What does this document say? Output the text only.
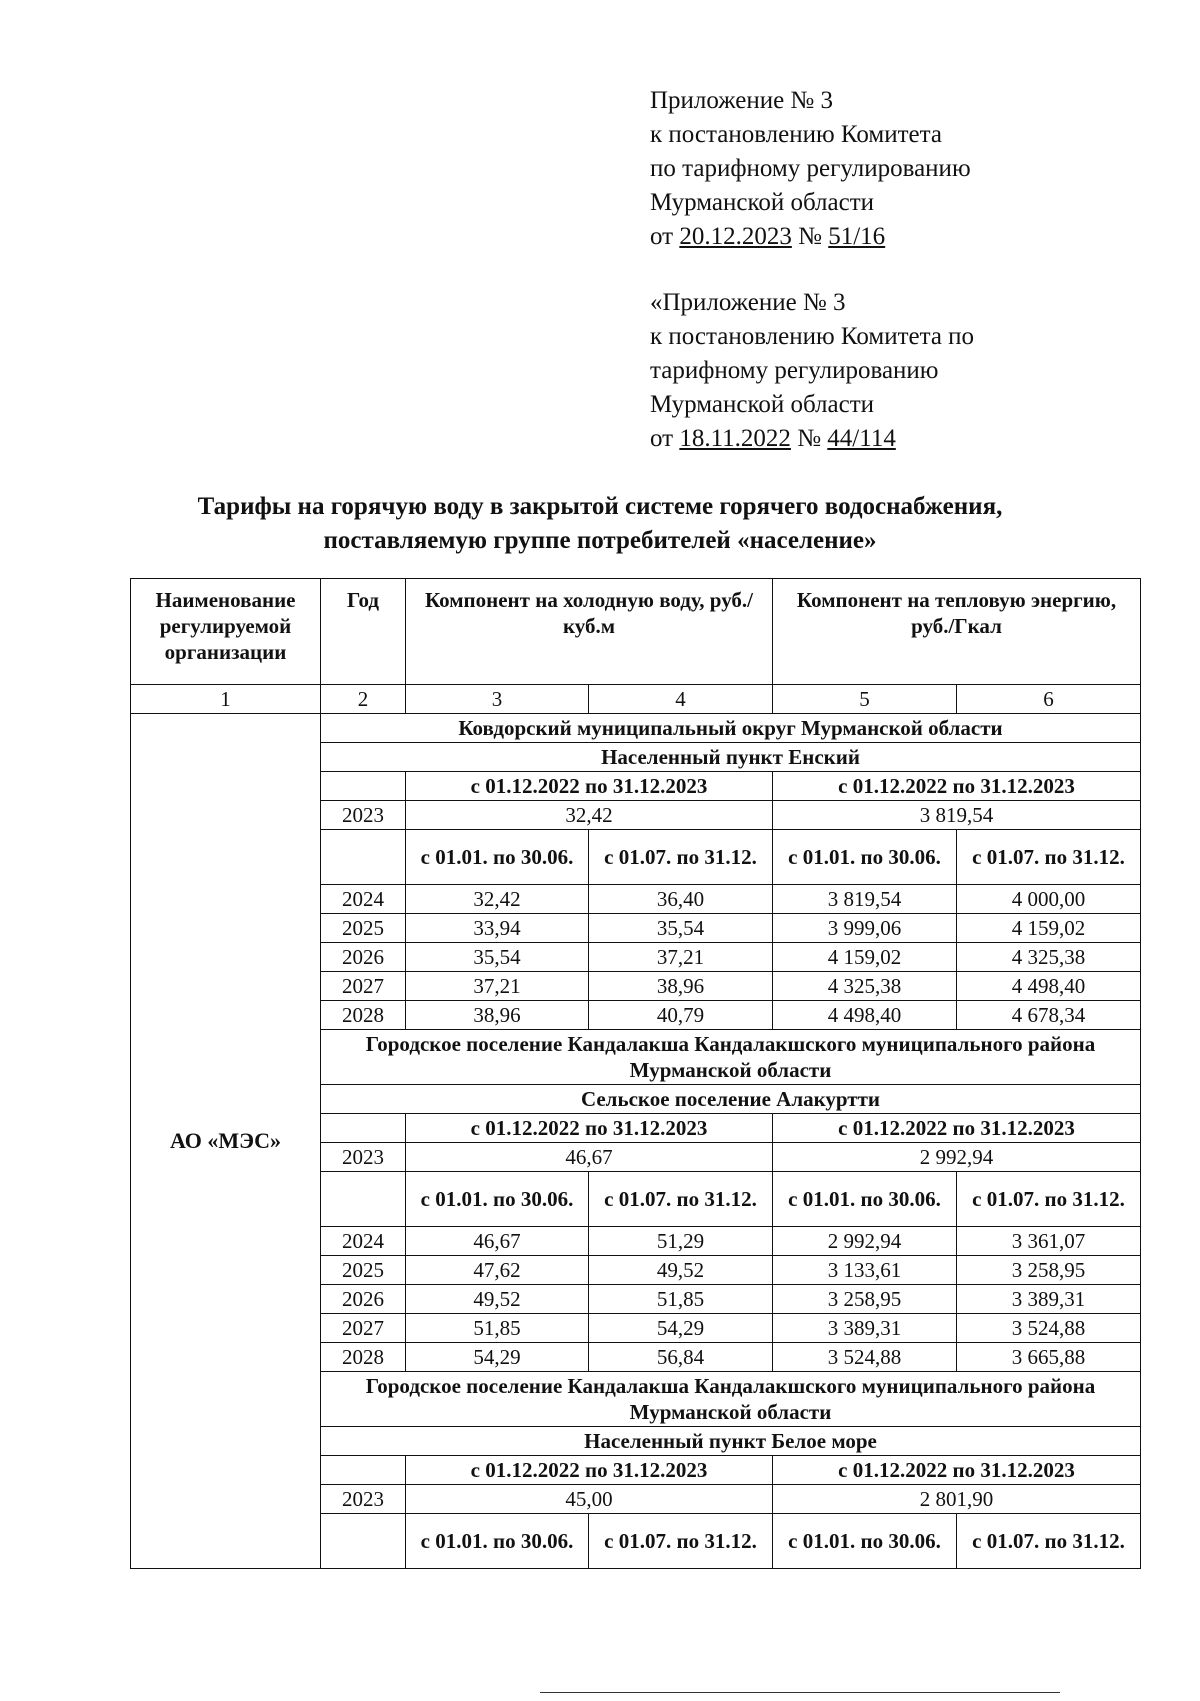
Приложение № 3
к постановлению Комитета
по тарифному регулированию
Мурманской области
от 20.12.2023 № 51/16
«Приложение № 3
к постановлению Комитета по
тарифному регулированию
Мурманской области
от 18.11.2022 № 44/114
Тарифы на горячую воду в закрытой системе горячего водоснабжения,
поставляемую группе потребителей «население»
Наименование регулируемой организации	Год	Компонент на холодную воду, руб./куб.м		Компонент на тепловую энергию, руб./Гкал	
1	2	3	4	5	6
АО «МЭС»	Ковдорский муниципальный округ Мурманской области				
	Населенный пункт Енский				
		с 01.12.2022 по 31.12.2023		с 01.12.2022 по 31.12.2023	
	2023	32,42		3 819,54	
		с 01.01. по 30.06.	с 01.07. по 31.12.	с 01.01. по 30.06.	с 01.07. по 31.12.
	2024	32,42	36,40	3 819,54	4 000,00
	2025	33,94	35,54	3 999,06	4 159,02
	2026	35,54	37,21	4 159,02	4 325,38
	2027	37,21	38,96	4 325,38	4 498,40
	2028	38,96	40,79	4 498,40	4 678,34
	Городское поселение Кандалакша Кандалакшского муниципального района Мурманской области				
	Сельское поселение Алакуртти				
		с 01.12.2022 по 31.12.2023		с 01.12.2022 по 31.12.2023	
	2023	46,67		2 992,94	
		с 01.01. по 30.06.	с 01.07. по 31.12.	с 01.01. по 30.06.	с 01.07. по 31.12.
	2024	46,67	51,29	2 992,94	3 361,07
	2025	47,62	49,52	3 133,61	3 258,95
	2026	49,52	51,85	3 258,95	3 389,31
	2027	51,85	54,29	3 389,31	3 524,88
	2028	54,29	56,84	3 524,88	3 665,88
	Городское поселение Кандалакша Кандалакшского муниципального района Мурманской области				
	Населенный пункт Белое море				
		с 01.12.2022 по 31.12.2023		с 01.12.2022 по 31.12.2023	
	2023	45,00		2 801,90	
		с 01.01. по 30.06.	с 01.07. по 31.12.	с 01.01. по 30.06.	с 01.07. по 31.12.
